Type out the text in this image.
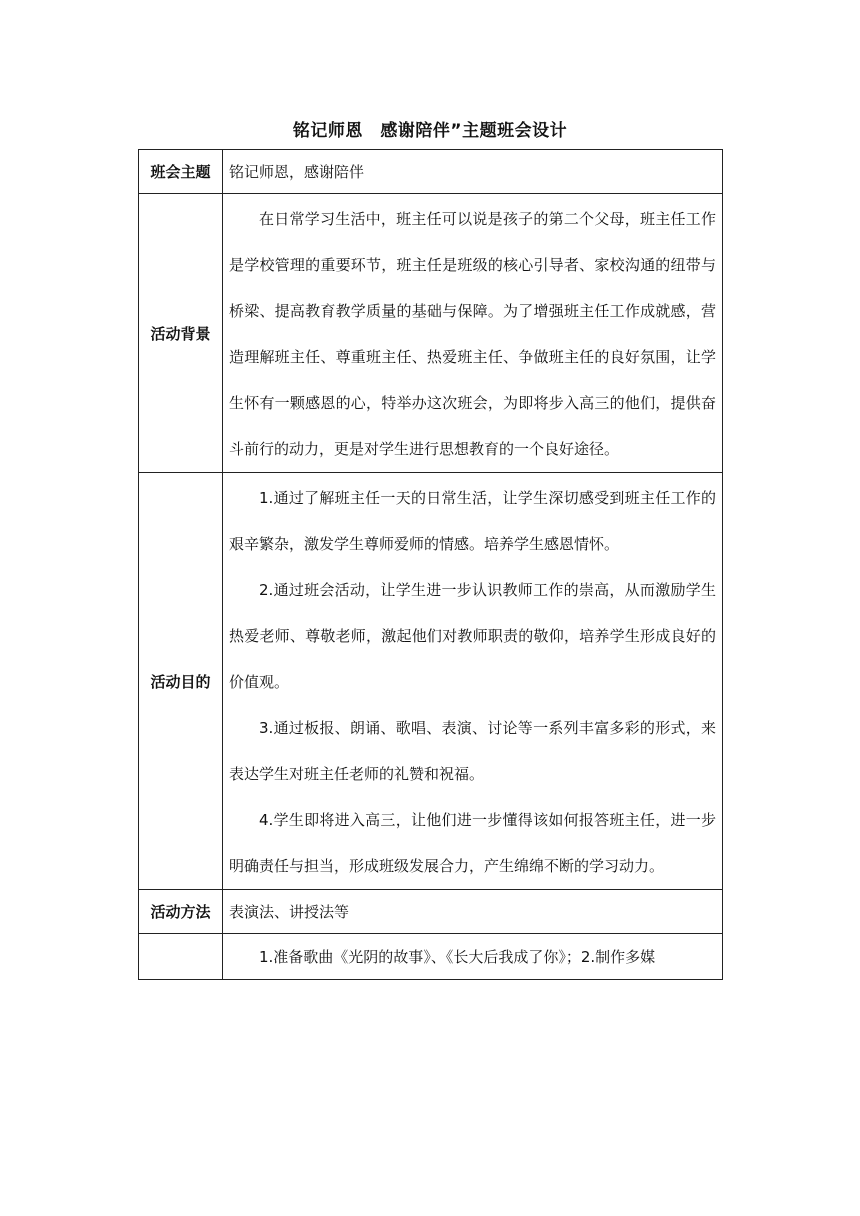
铭记师恩　感谢陪伴”主题班会设计
班会主题	铭记师恩，感谢陪伴

活动背景	在日常学习生活中，班主任可以说是孩子的第二个父母，班主任工作是学校管理的重要环节，班主任是班级的核心引导者、家校沟通的纽带与桥梁、提高教育教学质量的基础与保障。为了增强班主任工作成就感，营造理解班主任、尊重班主任、热爱班主任、争做班主任的良好氛围，让学生怀有一颗感恩的心，特举办这次班会，为即将步入高三的他们，提供奋斗前行的动力，更是对学生进行思想教育的一个良好途径。

活动目的	1.通过了解班主任一天的日常生活，让学生深切感受到班主任工作的艰辛繁杂，激发学生尊师爱师的情感。培养学生感恩情怀。
2.通过班会活动，让学生进一步认识教师工作的崇高，从而激励学生热爱老师、尊敬老师，激起他们对教师职责的敬仰，培养学生形成良好的价值观。
3.通过板报、朗诵、歌唱、表演、讨论等一系列丰富多彩的形式，来表达学生对班主任老师的礼赞和祝福。
4.学生即将进入高三，让他们进一步懂得该如何报答班主任，进一步明确责任与担当，形成班级发展合力，产生绵绵不断的学习动力。

活动方法	表演法、讲授法等

	1.准备歌曲《光阴的故事》、《长大后我成了你》；2.制作多媒
